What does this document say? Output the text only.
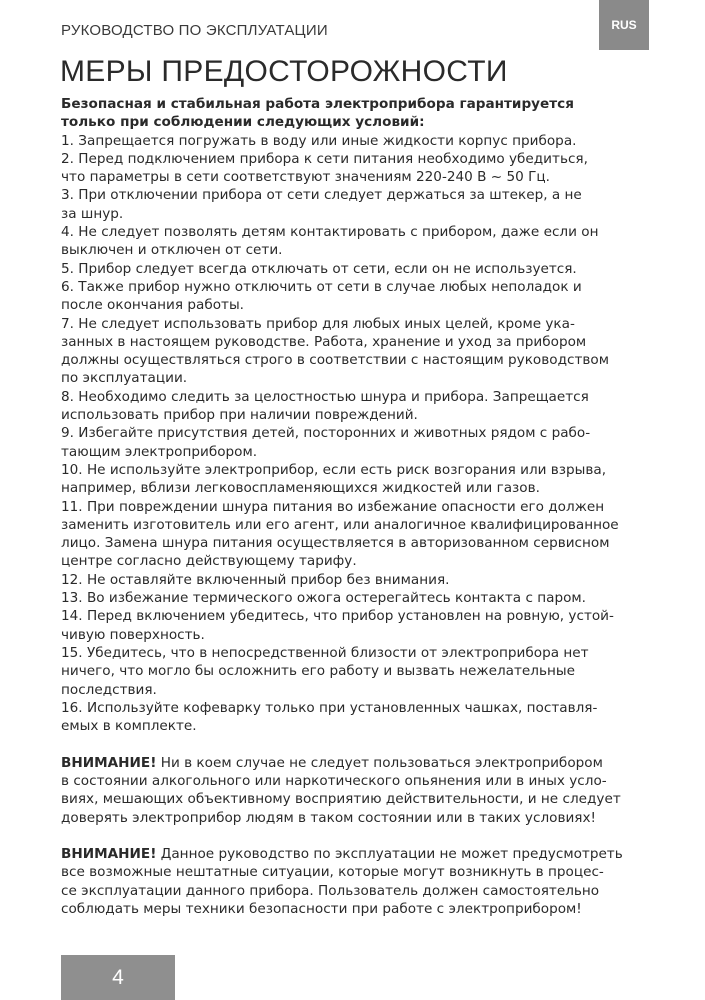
РУКОВОДСТВО ПО ЭКСПЛУАТАЦИИ	RUS
МЕРЫ ПРЕДОСТОРОЖНОСТИ

Безопасная и стабильная работа электроприбора гарантируется

только при соблюдении следующих условий:

1. Запрещается погружать в воду или иные жидкости корпус прибора.

2. Перед подключением прибора к сети питания необходимо убедиться,

что параметры в сети соответствуют значениям 220-240 В ~ 50 Гц.

3. При отключении прибора от сети следует держаться за штекер, а не

за шнур.

4. Не следует позволять детям контактировать с прибором, даже если он

выключен и отключен от сети.

5. Прибор следует всегда отключать от сети, если он не используется.

6. Также прибор нужно отключить от сети в случае любых неполадок и

после окончания работы.

7. Не следует использовать прибор для любых иных целей, кроме ука-

занных в настоящем руководстве. Работа, хранение и уход за прибором

должны осуществляться строго в соответствии с настоящим руководством

по эксплуатации.

8. Необходимо следить за целостностью шнура и прибора. Запрещается

использовать прибор при наличии повреждений.

9. Избегайте присутствия детей, посторонних и животных рядом с рабо-

тающим электроприбором.

10. Не используйте электроприбор, если есть риск возгорания или взрыва,

например, вблизи легковоспламеняющихся жидкостей или газов.

11. При повреждении шнура питания во избежание опасности его должен

заменить изготовитель или его агент, или аналогичное квалифицированное

лицо. Замена шнура питания осуществляется в авторизованном сервисном

центре согласно действующему тарифу.

12. Не оставляйте включенный прибор без внимания.

13. Во избежание термического ожога остерегайтесь контакта с паром.

14. Перед включением убедитесь, что прибор установлен на ровную, устой-

чивую поверхность.

15. Убедитесь, что в непосредственной близости от электроприбора нет

ничего, что могло бы осложнить его работу и вызвать нежелательные

последствия.

16. Используйте кофеварку только при установленных чашках, поставля-

емых в комплекте.

ВНИМАНИЕ! Ни в коем случае не следует пользоваться электроприбором

в состоянии алкогольного или наркотического опьянения или в иных усло-

виях, мешающих объективному восприятию действительности, и не следует

доверять электроприбор людям в таком состоянии или в таких условиях!

ВНИМАНИЕ! Данное руководство по эксплуатации не может предусмотреть

все возможные нештатные ситуации, которые могут возникнуть в процес-

се эксплуатации данного прибора. Пользователь должен самостоятельно

соблюдать меры техники безопасности при работе с электроприбором!

4
